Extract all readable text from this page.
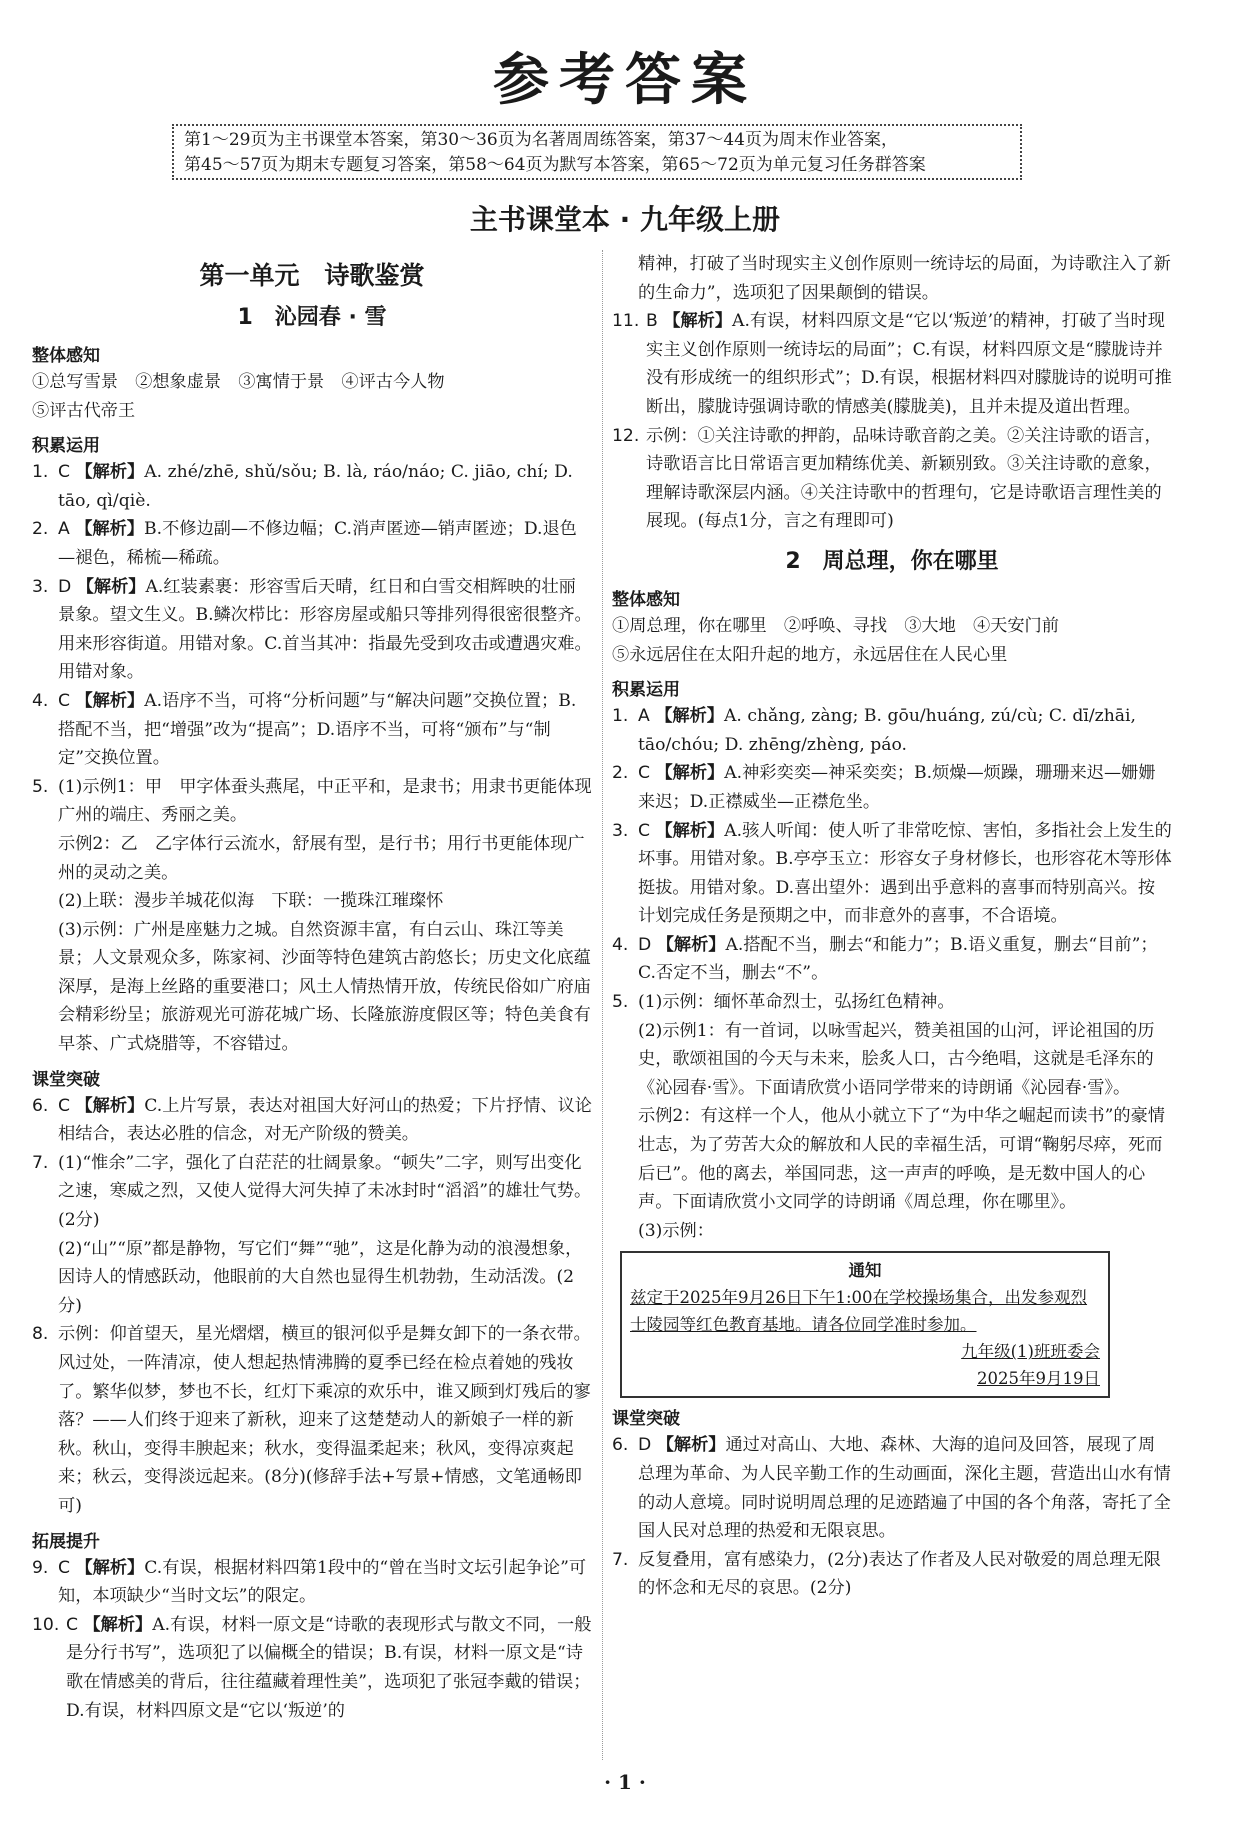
参考答案
第1～29页为主书课堂本答案，第30～36页为名著周周练答案，第37～44页为周末作业答案，
第45～57页为期末专题复习答案，第58～64页为默写本答案，第65～72页为单元复习任务群答案
主书课堂本 · 九年级上册
第一单元　诗歌鉴赏
1　沁园春 · 雪
整体感知

①总写雪景　②想象虚景　③寓情于景　④评古今人物

⑤评古代帝王

积累运用
1. C 【解析】A. zhé/zhē, shǔ/sǒu; B. là, ráo/náo; C. jiāo, chí; D. tāo, qì/qiè.
2. A 【解析】B.不修边副—不修边幅；C.消声匿迹—销声匿迹；D.退色—褪色，稀梳—稀疏。
3. D 【解析】A.红装素裹：形容雪后天晴，红日和白雪交相辉映的壮丽景象。望文生义。B.鳞次栉比：形容房屋或船只等排列得很密很整齐。用来形容街道。用错对象。C.首当其冲：指最先受到攻击或遭遇灾难。用错对象。
4. C 【解析】A.语序不当，可将“分析问题”与“解决问题”交换位置；B.搭配不当，把“增强”改为“提高”；D.语序不当，可将“颁布”与“制定”交换位置。
5. (1)示例1：甲　甲字体蚕头燕尾，中正平和，是隶书；用隶书更能体现广州的端庄、秀丽之美。
示例2：乙　乙字体行云流水，舒展有型，是行书；用行书更能体现广州的灵动之美。
(2)上联：漫步羊城花似海　下联：一揽珠江璀璨怀
(3)示例：广州是座魅力之城。自然资源丰富，有白云山、珠江等美景；人文景观众多，陈家祠、沙面等特色建筑古韵悠长；历史文化底蕴深厚，是海上丝路的重要港口；风土人情热情开放，传统民俗如广府庙会精彩纷呈；旅游观光可游花城广场、长隆旅游度假区等；特色美食有早茶、广式烧腊等，不容错过。
课堂突破
6. C 【解析】C.上片写景，表达对祖国大好河山的热爱；下片抒情、议论相结合，表达必胜的信念，对无产阶级的赞美。
7. (1)“惟余”二字，强化了白茫茫的壮阔景象。“顿失”二字，则写出变化之速，寒威之烈，又使人觉得大河失掉了未冰封时“滔滔”的雄壮气势。(2分)
(2)“山”“原”都是静物，写它们“舞”“驰”，这是化静为动的浪漫想象，因诗人的情感跃动，他眼前的大自然也显得生机勃勃，生动活泼。(2分)
8. 示例：仰首望天，星光熠熠，横亘的银河似乎是舞女卸下的一条衣带。风过处，一阵清凉，使人想起热情沸腾的夏季已经在检点着她的残妆了。繁华似梦，梦也不长，红灯下乘凉的欢乐中，谁又顾到灯残后的寥落？——人们终于迎来了新秋，迎来了这楚楚动人的新娘子一样的新秋。秋山，变得丰腴起来；秋水，变得温柔起来；秋风，变得凉爽起来；秋云，变得淡远起来。(8分)(修辞手法+写景+情感，文笔通畅即可)
拓展提升
9. C 【解析】C.有误，根据材料四第1段中的“曾在当时文坛引起争论”可知，本项缺少“当时文坛”的限定。
10. C 【解析】A.有误，材料一原文是“诗歌的表现形式与散文不同，一般是分行书写”，选项犯了以偏概全的错误；B.有误，材料一原文是“诗歌在情感美的背后，往往蕴藏着理性美”，选项犯了张冠李戴的错误；D.有误，材料四原文是“它以‘叛逆’的
精神，打破了当时现实主义创作原则一统诗坛的局面，为诗歌注入了新的生命力”，选项犯了因果颠倒的错误。
11. B 【解析】A.有误，材料四原文是“它以‘叛逆’的精神，打破了当时现实主义创作原则一统诗坛的局面”；C.有误，材料四原文是“朦胧诗并没有形成统一的组织形式”；D.有误，根据材料四对朦胧诗的说明可推断出，朦胧诗强调诗歌的情感美(朦胧美)，且并未提及道出哲理。
12. 示例：①关注诗歌的押韵，品味诗歌音韵之美。②关注诗歌的语言，诗歌语言比日常语言更加精练优美、新颖别致。③关注诗歌的意象，理解诗歌深层内涵。④关注诗歌中的哲理句，它是诗歌语言理性美的展现。(每点1分，言之有理即可)
2　周总理，你在哪里
整体感知

①周总理，你在哪里　②呼唤、寻找　③大地　④天安门前

⑤永远居住在太阳升起的地方，永远居住在人民心里

积累运用
1. A 【解析】A. chǎng, zàng; B. gōu/huáng, zú/cù; C. dī/zhāi, tāo/chóu; D. zhēng/zhèng, páo.
2. C 【解析】A.神彩奕奕—神采奕奕；B.烦燥—烦躁，珊珊来迟—姗姗来迟；D.正襟威坐—正襟危坐。
3. C 【解析】A.骇人听闻：使人听了非常吃惊、害怕，多指社会上发生的坏事。用错对象。B.亭亭玉立：形容女子身材修长，也形容花木等形体挺拔。用错对象。D.喜出望外：遇到出乎意料的喜事而特别高兴。按计划完成任务是预期之中，而非意外的喜事，不合语境。
4. D 【解析】A.搭配不当，删去“和能力”；B.语义重复，删去“目前”；C.否定不当，删去“不”。
5. (1)示例：缅怀革命烈士，弘扬红色精神。
(2)示例1：有一首词，以咏雪起兴，赞美祖国的山河，评论祖国的历史，歌颂祖国的今天与未来，脍炙人口，古今绝唱，这就是毛泽东的《沁园春·雪》。下面请欣赏小语同学带来的诗朗诵《沁园春·雪》。
示例2：有这样一个人，他从小就立下了“为中华之崛起而读书”的豪情壮志，为了劳苦大众的解放和人民的幸福生活，可谓“鞠躬尽瘁，死而后已”。他的离去，举国同悲，这一声声的呼唤，是无数中国人的心声。下面请欣赏小文同学的诗朗诵《周总理，你在哪里》。
(3)示例：
通知
兹定于2025年9月26日下午1:00在学校操场集合，出发参观烈士陵园等红色教育基地。请各位同学准时参加。
九年级(1)班班委会
2025年9月19日
课堂突破
6. D 【解析】通过对高山、大地、森林、大海的追问及回答，展现了周总理为革命、为人民辛勤工作的生动画面，深化主题，营造出山水有情的动人意境。同时说明周总理的足迹踏遍了中国的各个角落，寄托了全国人民对总理的热爱和无限哀思。
7. 反复叠用，富有感染力，(2分)表达了作者及人民对敬爱的周总理无限的怀念和无尽的哀思。(2分)
· 1 ·
